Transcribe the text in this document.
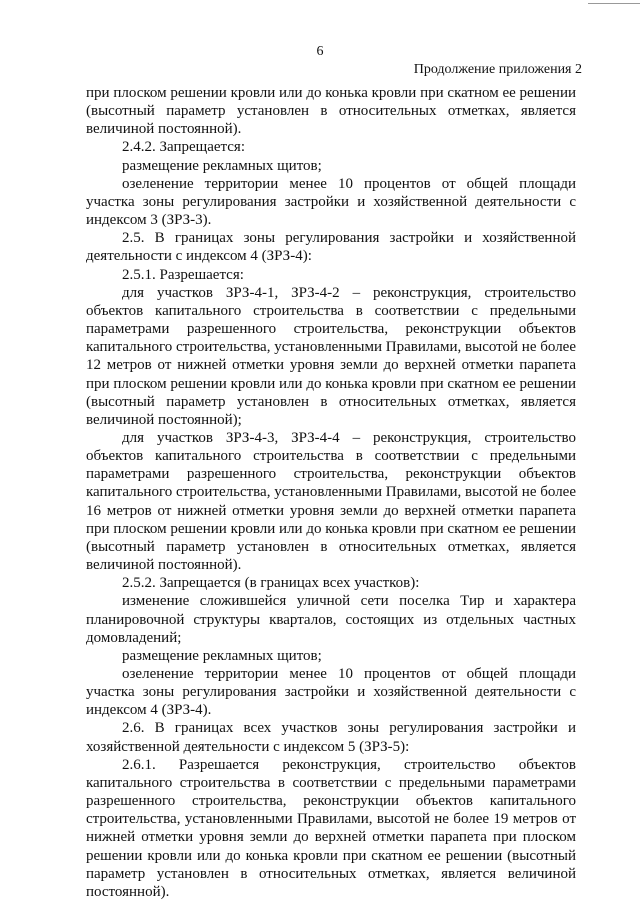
6
Продолжение приложения 2

при плоском решении кровли или до конька кровли при скатном ее решении (высотный параметр установлен в относительных отметках, является величиной постоянной).

2.4.2. Запрещается:

размещение рекламных щитов;

озеленение территории менее 10 процентов от общей площади участка зоны регулирования застройки и хозяйственной деятельности с индексом 3 (ЗРЗ-3).

2.5. В границах зоны регулирования застройки и хозяйственной деятельности с индексом 4 (ЗРЗ-4):

2.5.1. Разрешается:

для участков ЗРЗ-4-1, ЗРЗ-4-2 – реконструкция, строительство объектов капитального строительства в соответствии с предельными параметрами разрешенного строительства, реконструкции объектов капитального строительства, установленными Правилами, высотой не более 12 метров от нижней отметки уровня земли до верхней отметки парапета при плоском решении кровли или до конька кровли при скатном ее решении (высотный параметр установлен в относительных отметках, является величиной постоянной);

для участков ЗРЗ-4-3, ЗРЗ-4-4 – реконструкция, строительство объектов капитального строительства в соответствии с предельными параметрами разрешенного строительства, реконструкции объектов капитального строительства, установленными Правилами, высотой не более 16 метров от нижней отметки уровня земли до верхней отметки парапета при плоском решении кровли или до конька кровли при скатном ее решении (высотный параметр установлен в относительных отметках, является величиной постоянной).

2.5.2. Запрещается (в границах всех участков):

изменение сложившейся уличной сети поселка Тир и характера планировочной структуры кварталов, состоящих из отдельных частных домовладений;

размещение рекламных щитов;

озеленение территории менее 10 процентов от общей площади участка зоны регулирования застройки и хозяйственной деятельности с индексом 4 (ЗРЗ-4).

2.6. В границах всех участков зоны регулирования застройки и хозяйственной деятельности с индексом 5 (ЗРЗ-5):

2.6.1. Разрешается реконструкция, строительство объектов капитального строительства в соответствии с предельными параметрами разрешенного строительства, реконструкции объектов капитального строительства, установленными Правилами, высотой не более 19 метров от нижней отметки уровня земли до верхней отметки парапета при плоском решении кровли или до конька кровли при скатном ее решении (высотный параметр установлен в относительных отметках, является величиной постоянной).
